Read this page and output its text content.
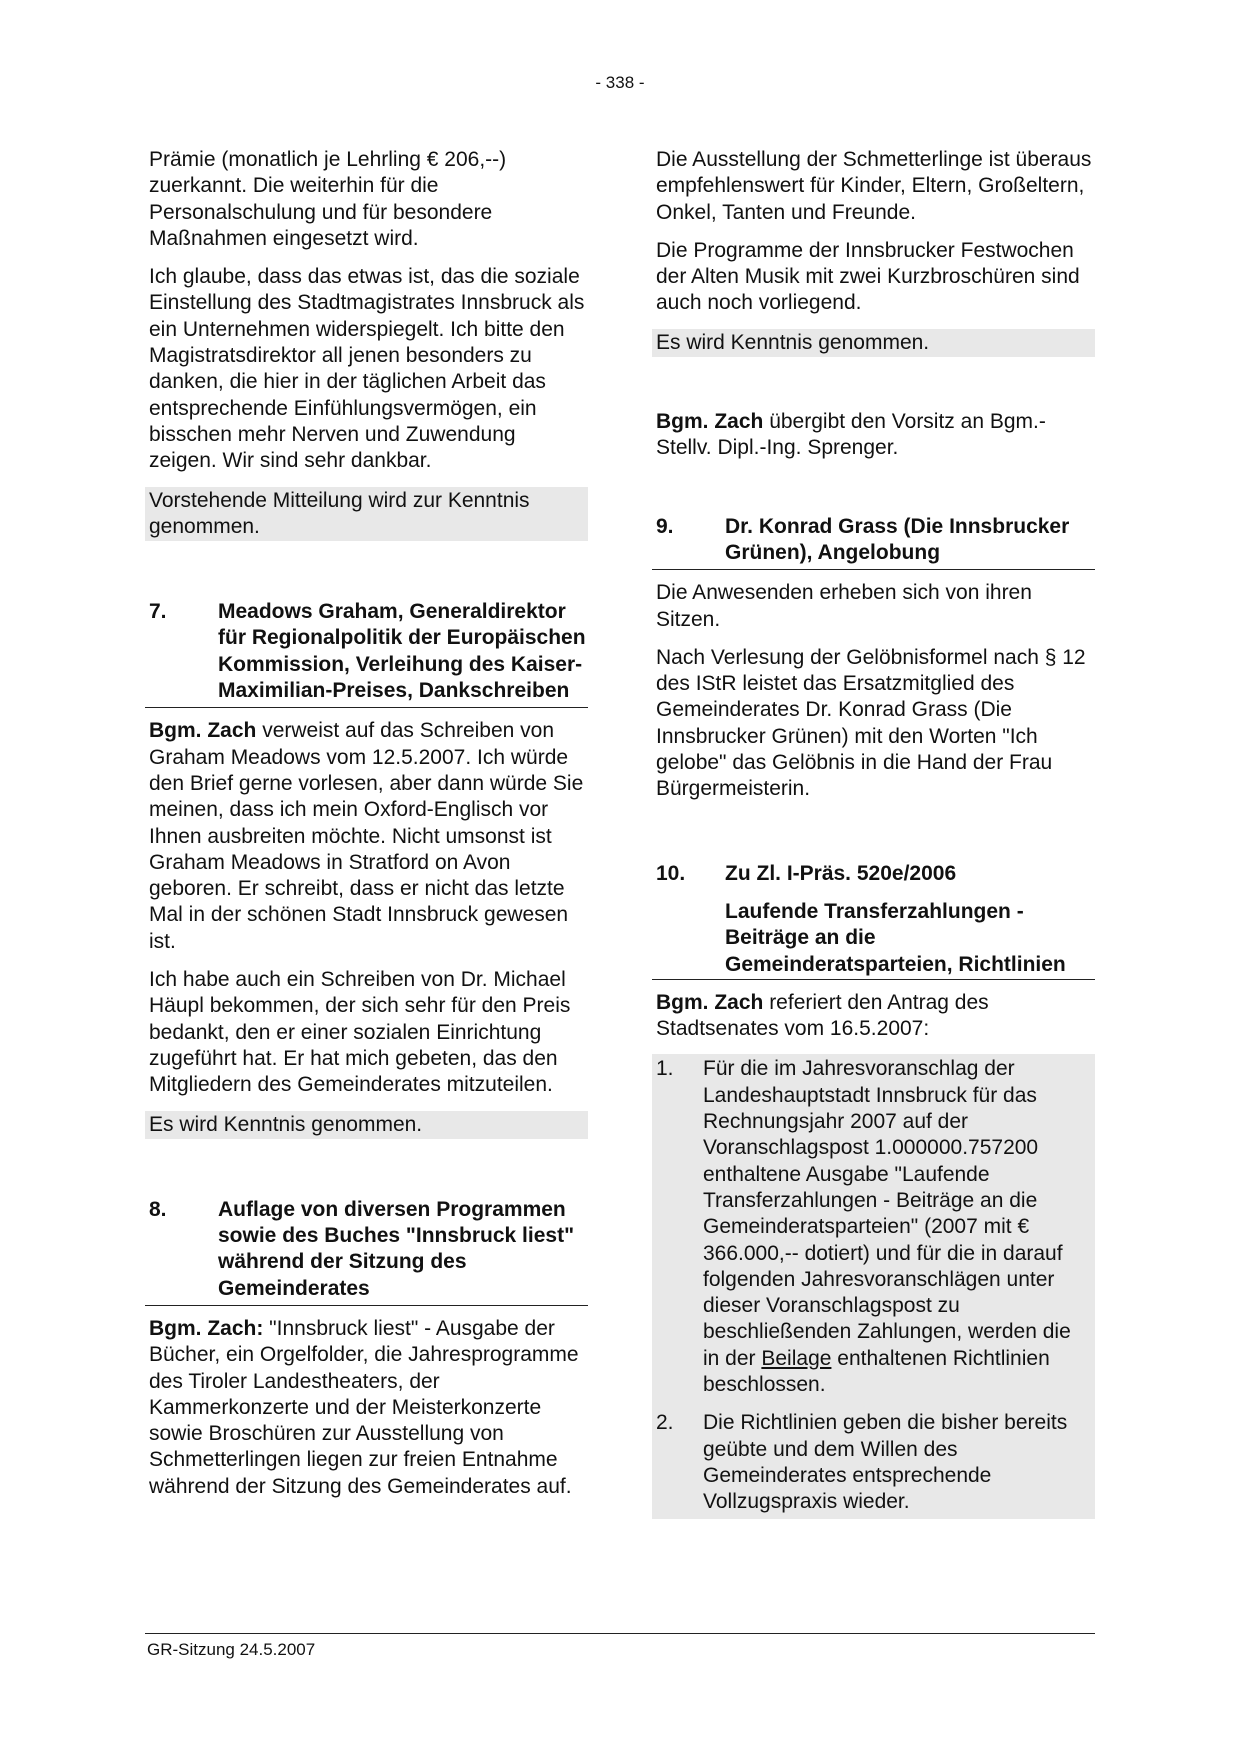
- 338 -

Prämie (monatlich je Lehrling € 206,--) zuerkannt. Die weiterhin für die Personalschulung und für besondere Maßnahmen eingesetzt wird.

Ich glaube, dass das etwas ist, das die soziale Einstellung des Stadtmagistrates Innsbruck als ein Unternehmen widerspiegelt. Ich bitte den Magistratsdirektor all jenen besonders zu danken, die hier in der täglichen Arbeit das entsprechende Einfühlungsvermögen, ein bisschen mehr Nerven und Zuwendung zeigen. Wir sind sehr dankbar.

Vorstehende Mitteilung wird zur Kenntnis genommen.
7.	Meadows Graham, Generaldirektor für Regionalpolitik der Europäischen Kommission, Verleihung des Kaiser-Maximilian-Preises, Dankschreiben

Bgm. Zach verweist auf das Schreiben von Graham Meadows vom 12.5.2007. Ich würde den Brief gerne vorlesen, aber dann würde Sie meinen, dass ich mein Oxford-Englisch vor Ihnen ausbreiten möchte. Nicht umsonst ist Graham Meadows in Stratford on Avon geboren. Er schreibt, dass er nicht das letzte Mal in der schönen Stadt Innsbruck gewesen ist.

Ich habe auch ein Schreiben von Dr. Michael Häupl bekommen, der sich sehr für den Preis bedankt, den er einer sozialen Einrichtung zugeführt hat. Er hat mich gebeten, das den Mitgliedern des Gemeinderates mitzuteilen.

Es wird Kenntnis genommen.
8.	Auflage von diversen Programmen sowie des Buches "Innsbruck liest" während der Sitzung des Gemeinderates

Bgm. Zach: "Innsbruck liest" - Ausgabe der Bücher, ein Orgelfolder, die Jahresprogramme des Tiroler Landestheaters, der Kammerkonzerte und der Meisterkonzerte sowie Broschüren zur Ausstellung von Schmetterlingen liegen zur freien Entnahme während der Sitzung des Gemeinderates auf.

Die Ausstellung der Schmetterlinge ist überaus empfehlenswert für Kinder, Eltern, Großeltern, Onkel, Tanten und Freunde.

Die Programme der Innsbrucker Festwochen der Alten Musik mit zwei Kurzbroschüren sind auch noch vorliegend.

Es wird Kenntnis genommen.

Bgm. Zach übergibt den Vorsitz an Bgm.-Stellv. Dipl.-Ing. Sprenger.

9.	Dr. Konrad Grass (Die Innsbrucker Grünen), Angelobung

Die Anwesenden erheben sich von ihren Sitzen.

Nach Verlesung der Gelöbnisformel nach § 12 des IStR leistet das Ersatzmitglied des Gemeinderates Dr. Konrad Grass (Die Innsbrucker Grünen) mit den Worten "Ich gelobe" das Gelöbnis in die Hand der Frau Bürgermeisterin.

10.	Zu Zl. I-Präs. 520e/2006
Laufende Transferzahlungen - Beiträge an die Gemeinderatsparteien, Richtlinien

Bgm. Zach referiert den Antrag des Stadtsenates vom 16.5.2007:

1.	Für die im Jahresvoranschlag der Landeshauptstadt Innsbruck für das Rechnungsjahr 2007 auf der Voranschlagspost 1.000000.757200 enthaltene Ausgabe "Laufende Transferzahlungen - Beiträge an die Gemeinderatsparteien" (2007 mit € 366.000,-- dotiert) und für die in darauf folgenden Jahresvoranschlägen unter dieser Voranschlagspost zu beschließenden Zahlungen, werden die in der Beilage enthaltenen Richtlinien beschlossen.
2.	Die Richtlinien geben die bisher bereits geübte und dem Willen des Gemeinderates entsprechende Vollzugspraxis wieder.
GR-Sitzung 24.5.2007
